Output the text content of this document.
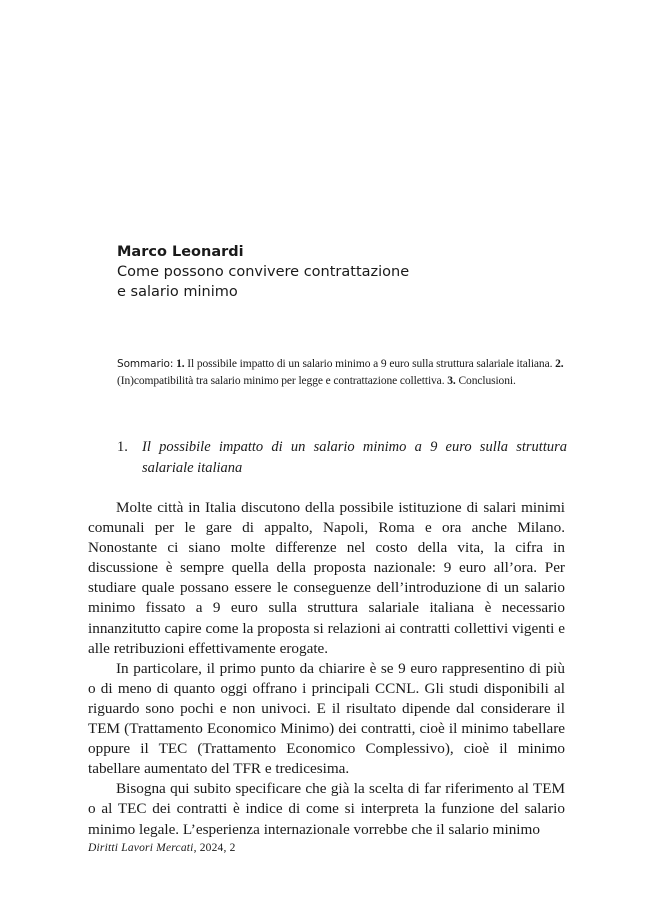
Marco Leonardi
Come possono convivere contrattazione
e salario minimo
Sommario: 1. Il possibile impatto di un salario minimo a 9 euro sulla struttura salariale italiana. 2. (In)compatibilità tra salario minimo per legge e contrattazione collettiva. 3. Conclusioni.
1. Il possibile impatto di un salario minimo a 9 euro sulla struttura salariale italiana

Molte città in Italia discutono della possibile istituzione di salari minimi comunali per le gare di appalto, Napoli, Roma e ora anche Milano. Nonostante ci siano molte differenze nel costo della vita, la cifra in discussione è sempre quella della proposta nazionale: 9 euro all’ora. Per studiare quale possano essere le conseguenze dell’introduzione di un salario minimo fissato a 9 euro sulla struttura salariale italiana è necessario innanzitutto capire come la proposta si relazioni ai contratti collettivi vigenti e alle retribuzioni effettivamente erogate.

In particolare, il primo punto da chiarire è se 9 euro rappresentino di più o di meno di quanto oggi offrano i principali CCNL. Gli studi disponibili al riguardo sono pochi e non univoci. E il risultato dipende dal considerare il TEM (Trattamento Economico Minimo) dei contratti, cioè il minimo tabellare oppure il TEC (Trattamento Economico Complessivo), cioè il minimo tabellare aumentato del TFR e tredicesima.

Bisogna qui subito specificare che già la scelta di far riferimento al TEM o al TEC dei contratti è indice di come si interpreta la funzione del salario minimo legale. L’esperienza internazionale vorrebbe che il salario minimo

Diritti Lavori Mercati, 2024, 2
